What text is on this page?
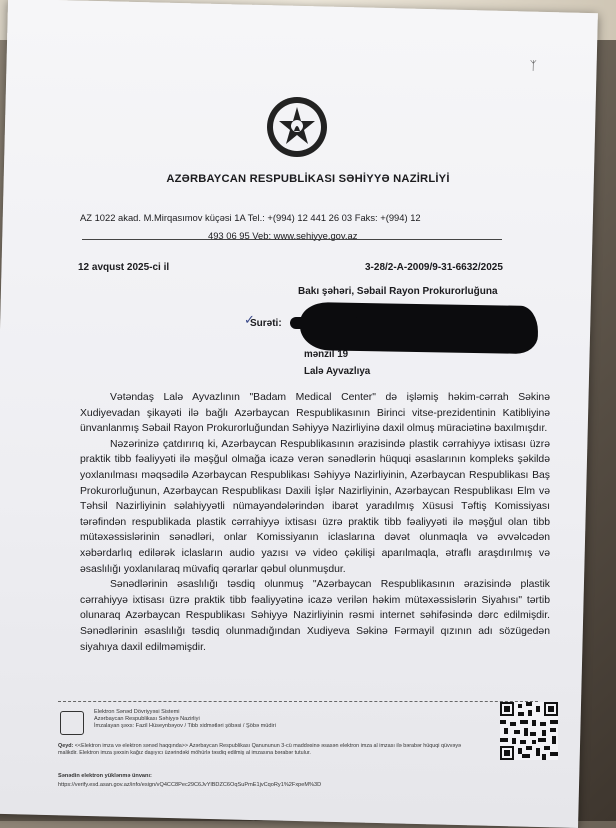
ᛉ
AZƏRBAYCAN RESPUBLİKASI SƏHİYYƏ NAZİRLİYİ
AZ 1022 akad. M.Mirqasımov küçəsi 1A Tel.: +(994) 12 441 26 03 Faks: +(994) 12
493 06 95 Veb: www.sehiyye.gov.az
12 avqust 2025-ci il	3-28/2-A-2009/9-31-6632/2025
Bakı şəhəri, Səbail Rayon Prokurorluğuna
✓
Surəti:
mənzil 19
Lalə Ayvazlıya

Vətəndaş Lalə Ayvazlının "Badam Medical Center" də işləmiş həkim-cərrah Səkinə Xudiyevadan şikayəti ilə bağlı Azərbaycan Respublikasının Birinci vitse-prezidentinin Katibliyinə ünvanlanmış Səbail Rayon Prokurorluğundan Səhiyyə Nazirliyinə daxil olmuş müraciətinə baxılmışdır.

Nəzərinizə çatdırırıq ki, Azərbaycan Respublikasının ərazisində plastik cərrahiyyə ixtisası üzrə praktik tibb fəaliyyəti ilə məşğul olmağa icazə verən sənədlərin hüquqi əsaslarının kompleks şəkildə yoxlanılması məqsədilə Azərbaycan Respublikası Səhiyyə Nazirliyinin, Azərbaycan Respublikası Baş Prokurorluğunun, Azərbaycan Respublikası Daxili İşlər Nazirliyinin, Azərbaycan Respublikası Elm və Təhsil Nazirliyinin səlahiyyətli nümayəndələrindən ibarət yaradılmış Xüsusi Təftiş Komissiyası tərəfindən respublikada plastik cərrahiyyə ixtisası üzrə praktik tibb fəaliyyəti ilə məşğul olan tibb mütəxəssislərinin sənədləri, onlar Komissiyanın iclaslarına dəvət olunmaqla və əvvəlcədən xəbərdarlıq edilərək iclasların audio yazısı və video çəkilişi aparılmaqla, ətraflı araşdırılmış və əsaslılığı yoxlanılaraq müvafiq qərarlar qəbul olunmuşdur.

Sənədlərinin əsaslılığı təsdiq olunmuş "Azərbaycan Respublikasının ərazisində plastik cərrahiyyə ixtisası üzrə praktik tibb fəaliyyətinə icazə verilən həkim mütəxəssislərin Siyahısı" tərtib olunaraq Azərbaycan Respublikası Səhiyyə Nazirliyinin rəsmi internet səhifəsində dərc edilmişdir. Sənədlərinin əsaslılığı təsdiq olunmadığından Xudiyeva Səkinə Fərmayil qızının adı sözügedən siyahıya daxil edilməmişdir.

Elektron Sənəd Dövriyyəsi Sistemi
Azərbaycan Respublikası Səhiyyə Nazirliyi
İmzalayan şəxs: Fazil Hüseynbəyov / Tibb xidmətləri şöbəsi / Şöbə müdiri
Qeyd: <<Elektron imza və elektron sənəd haqqında>> Azərbaycan Respublikası Qanununun 3-cü maddəsinə əsasən elektron imza al imzası ilə bərabər hüquqi qüvvəyə malikdir. Elektron imza şəxsin kağız daşıyıcı üzərindəki möhürlə təsdiq edilmiş al imzasına bərabər tutulur.
Sənədin elektron yüklənmə ünvanı:
https://verify.esd.asan.gov.az/info/esign/vQ4CC8Pec29C6JvYlBDZC6OqSuPmE1jvCqoRy1%2FxpeM%3D
